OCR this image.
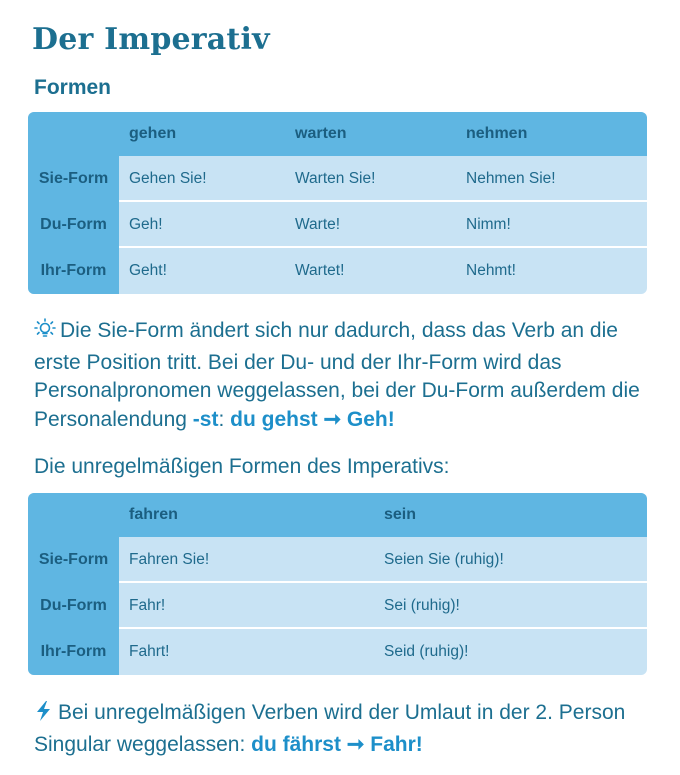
Der Imperativ
Formen
gehen	warten	nehmen
Sie-Form	Gehen Sie!	Warten Sie!	Nehmen Sie!
Du-Form	Geh!	Warte!	Nimm!
Ihr-Form	Geht!	Wartet!	Nehmt!
Die Sie-Form ändert sich nur dadurch, dass das Verb an die erste Position tritt. Bei der Du- und der Ihr-Form wird das Personalpronomen weggelassen, bei der Du-Form außerdem die Personalendung -st: du gehst ➞ Geh!
Die unregelmäßigen Formen des Imperativs:
fahren	sein
Sie-Form	Fahren Sie!	Seien Sie (ruhig)!
Du-Form	Fahr!	Sei (ruhig)!
Ihr-Form	Fahrt!	Seid (ruhig)!
Bei unregelmäßigen Verben wird der Umlaut in der 2. Person Singular weggelassen: du fährst ➞ Fahr!
